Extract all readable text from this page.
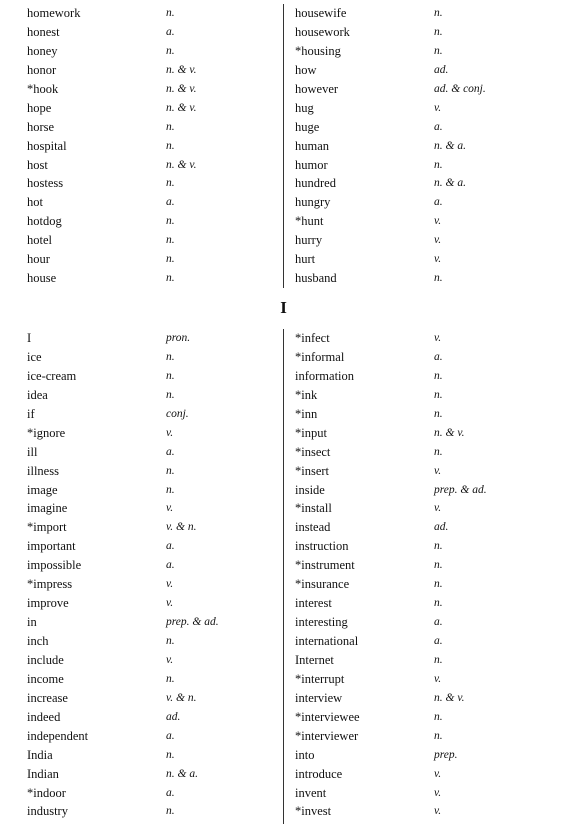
homework	n.
honest	a.
honey	n.
honor	n. & v.
*hook	n. & v.
hope	n. & v.
horse	n.
hospital	n.
host	n. & v.
hostess	n.
hot	a.
hotdog	n.
hotel	n.
hour	n.
house	n.
housewife	n.
housework	n.
*housing	n.
how	ad.
however	ad. & conj.
hug	v.
huge	a.
human	n. & a.
humor	n.
hundred	n. & a.
hungry	a.
*hunt	v.
hurry	v.
hurt	v.
husband	n.
I
I	pron.
ice	n.
ice-cream	n.
idea	n.
if	conj.
*ignore	v.
ill	a.
illness	n.
image	n.
imagine	v.
*import	v. & n.
important	a.
impossible	a.
*impress	v.
improve	v.
in	prep. & ad.
inch	n.
include	v.
income	n.
increase	v. & n.
indeed	ad.
independent	a.
India	n.
Indian	n. & a.
*indoor	a.
industry	n.
*infect	v.
*informal	a.
information	n.
*ink	n.
*inn	n.
*input	n. & v.
*insect	n.
*insert	v.
inside	prep. & ad.
*install	v.
instead	ad.
instruction	n.
*instrument	n.
*insurance	n.
interest	n.
interesting	a.
international	a.
Internet	n.
*interrupt	v.
interview	n. & v.
*interviewee	n.
*interviewer	n.
into	prep.
introduce	v.
invent	v.
*invest	v.
